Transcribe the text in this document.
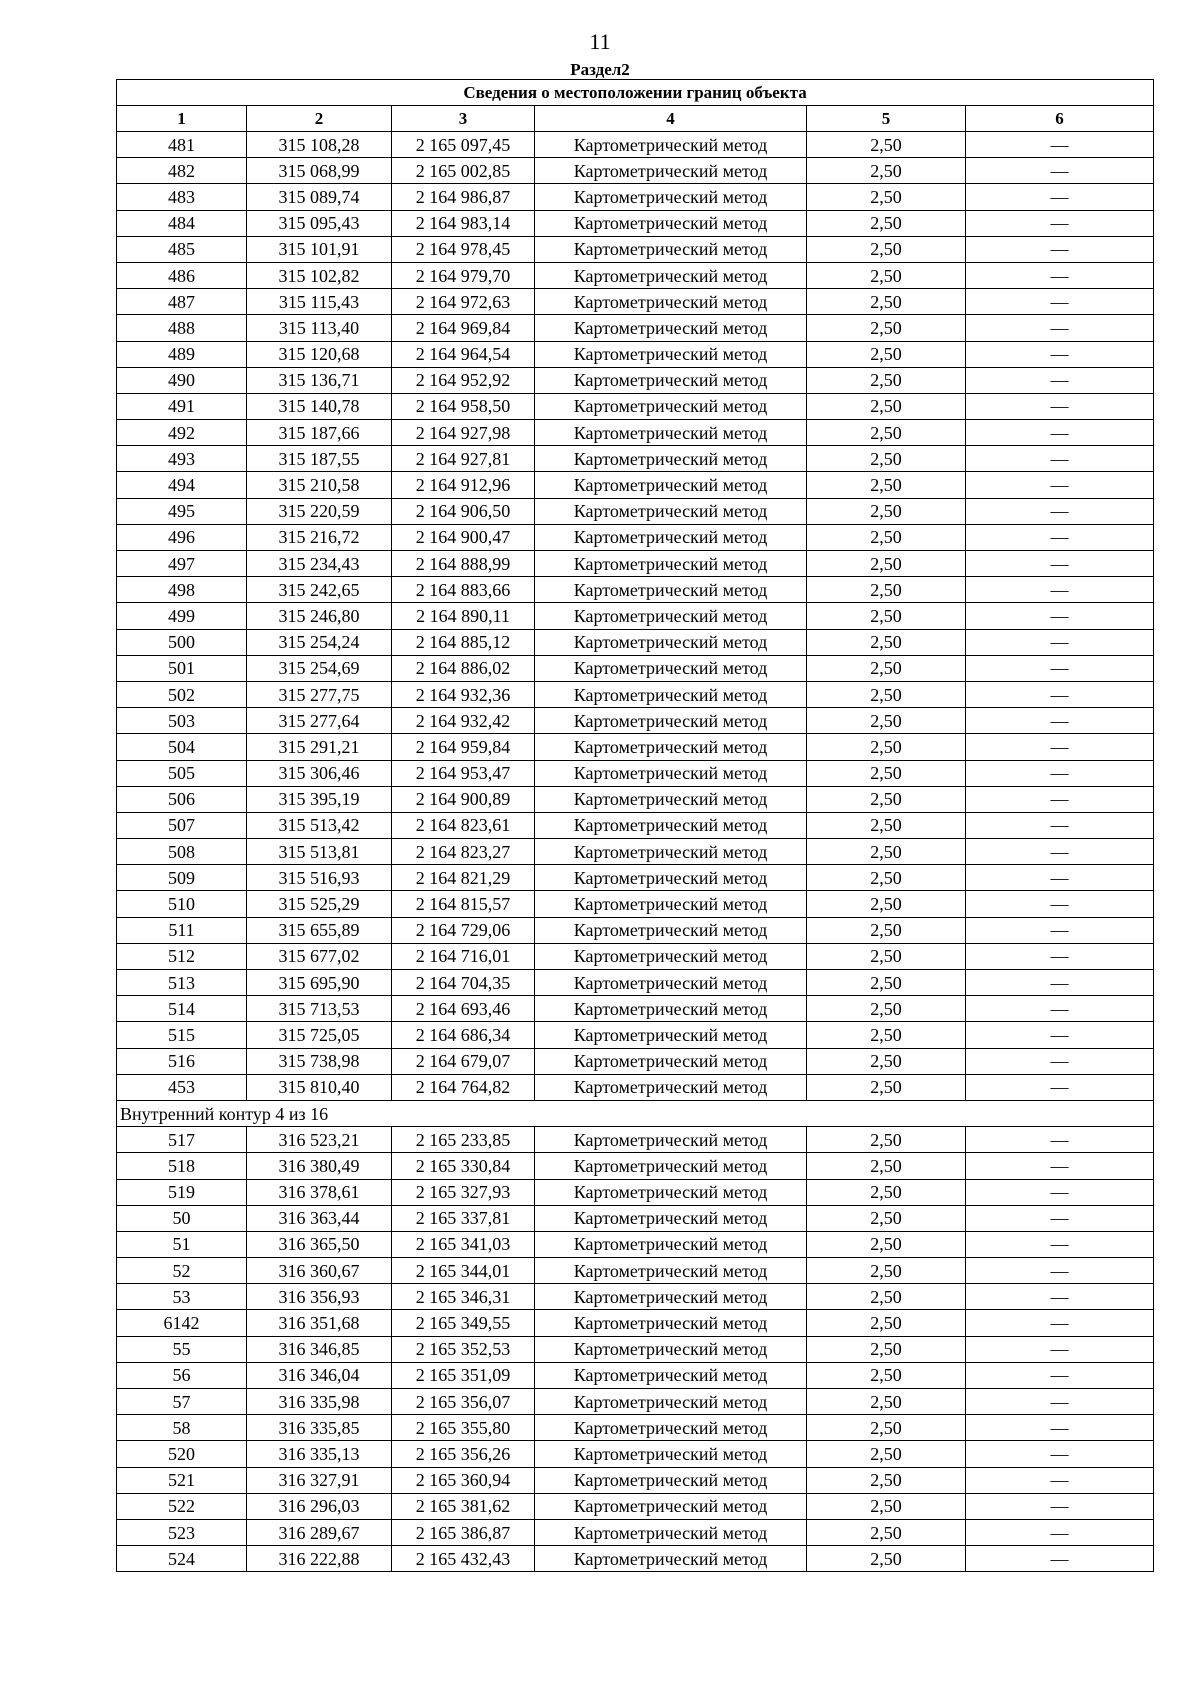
11
Раздел2
Сведения о местоположении границ объекта					
1	2	3	4	5	6
481	315 108,28	2 165 097,45	Картометрический метод	2,50	—
482	315 068,99	2 165 002,85	Картометрический метод	2,50	—
483	315 089,74	2 164 986,87	Картометрический метод	2,50	—
484	315 095,43	2 164 983,14	Картометрический метод	2,50	—
485	315 101,91	2 164 978,45	Картометрический метод	2,50	—
486	315 102,82	2 164 979,70	Картометрический метод	2,50	—
487	315 115,43	2 164 972,63	Картометрический метод	2,50	—
488	315 113,40	2 164 969,84	Картометрический метод	2,50	—
489	315 120,68	2 164 964,54	Картометрический метод	2,50	—
490	315 136,71	2 164 952,92	Картометрический метод	2,50	—
491	315 140,78	2 164 958,50	Картометрический метод	2,50	—
492	315 187,66	2 164 927,98	Картометрический метод	2,50	—
493	315 187,55	2 164 927,81	Картометрический метод	2,50	—
494	315 210,58	2 164 912,96	Картометрический метод	2,50	—
495	315 220,59	2 164 906,50	Картометрический метод	2,50	—
496	315 216,72	2 164 900,47	Картометрический метод	2,50	—
497	315 234,43	2 164 888,99	Картометрический метод	2,50	—
498	315 242,65	2 164 883,66	Картометрический метод	2,50	—
499	315 246,80	2 164 890,11	Картометрический метод	2,50	—
500	315 254,24	2 164 885,12	Картометрический метод	2,50	—
501	315 254,69	2 164 886,02	Картометрический метод	2,50	—
502	315 277,75	2 164 932,36	Картометрический метод	2,50	—
503	315 277,64	2 164 932,42	Картометрический метод	2,50	—
504	315 291,21	2 164 959,84	Картометрический метод	2,50	—
505	315 306,46	2 164 953,47	Картометрический метод	2,50	—
506	315 395,19	2 164 900,89	Картометрический метод	2,50	—
507	315 513,42	2 164 823,61	Картометрический метод	2,50	—
508	315 513,81	2 164 823,27	Картометрический метод	2,50	—
509	315 516,93	2 164 821,29	Картометрический метод	2,50	—
510	315 525,29	2 164 815,57	Картометрический метод	2,50	—
511	315 655,89	2 164 729,06	Картометрический метод	2,50	—
512	315 677,02	2 164 716,01	Картометрический метод	2,50	—
513	315 695,90	2 164 704,35	Картометрический метод	2,50	—
514	315 713,53	2 164 693,46	Картометрический метод	2,50	—
515	315 725,05	2 164 686,34	Картометрический метод	2,50	—
516	315 738,98	2 164 679,07	Картометрический метод	2,50	—
453	315 810,40	2 164 764,82	Картометрический метод	2,50	—
Внутренний контур 4 из 16					
517	316 523,21	2 165 233,85	Картометрический метод	2,50	—
518	316 380,49	2 165 330,84	Картометрический метод	2,50	—
519	316 378,61	2 165 327,93	Картометрический метод	2,50	—
50	316 363,44	2 165 337,81	Картометрический метод	2,50	—
51	316 365,50	2 165 341,03	Картометрический метод	2,50	—
52	316 360,67	2 165 344,01	Картометрический метод	2,50	—
53	316 356,93	2 165 346,31	Картометрический метод	2,50	—
6142	316 351,68	2 165 349,55	Картометрический метод	2,50	—
55	316 346,85	2 165 352,53	Картометрический метод	2,50	—
56	316 346,04	2 165 351,09	Картометрический метод	2,50	—
57	316 335,98	2 165 356,07	Картометрический метод	2,50	—
58	316 335,85	2 165 355,80	Картометрический метод	2,50	—
520	316 335,13	2 165 356,26	Картометрический метод	2,50	—
521	316 327,91	2 165 360,94	Картометрический метод	2,50	—
522	316 296,03	2 165 381,62	Картометрический метод	2,50	—
523	316 289,67	2 165 386,87	Картометрический метод	2,50	—
524	316 222,88	2 165 432,43	Картометрический метод	2,50	—
